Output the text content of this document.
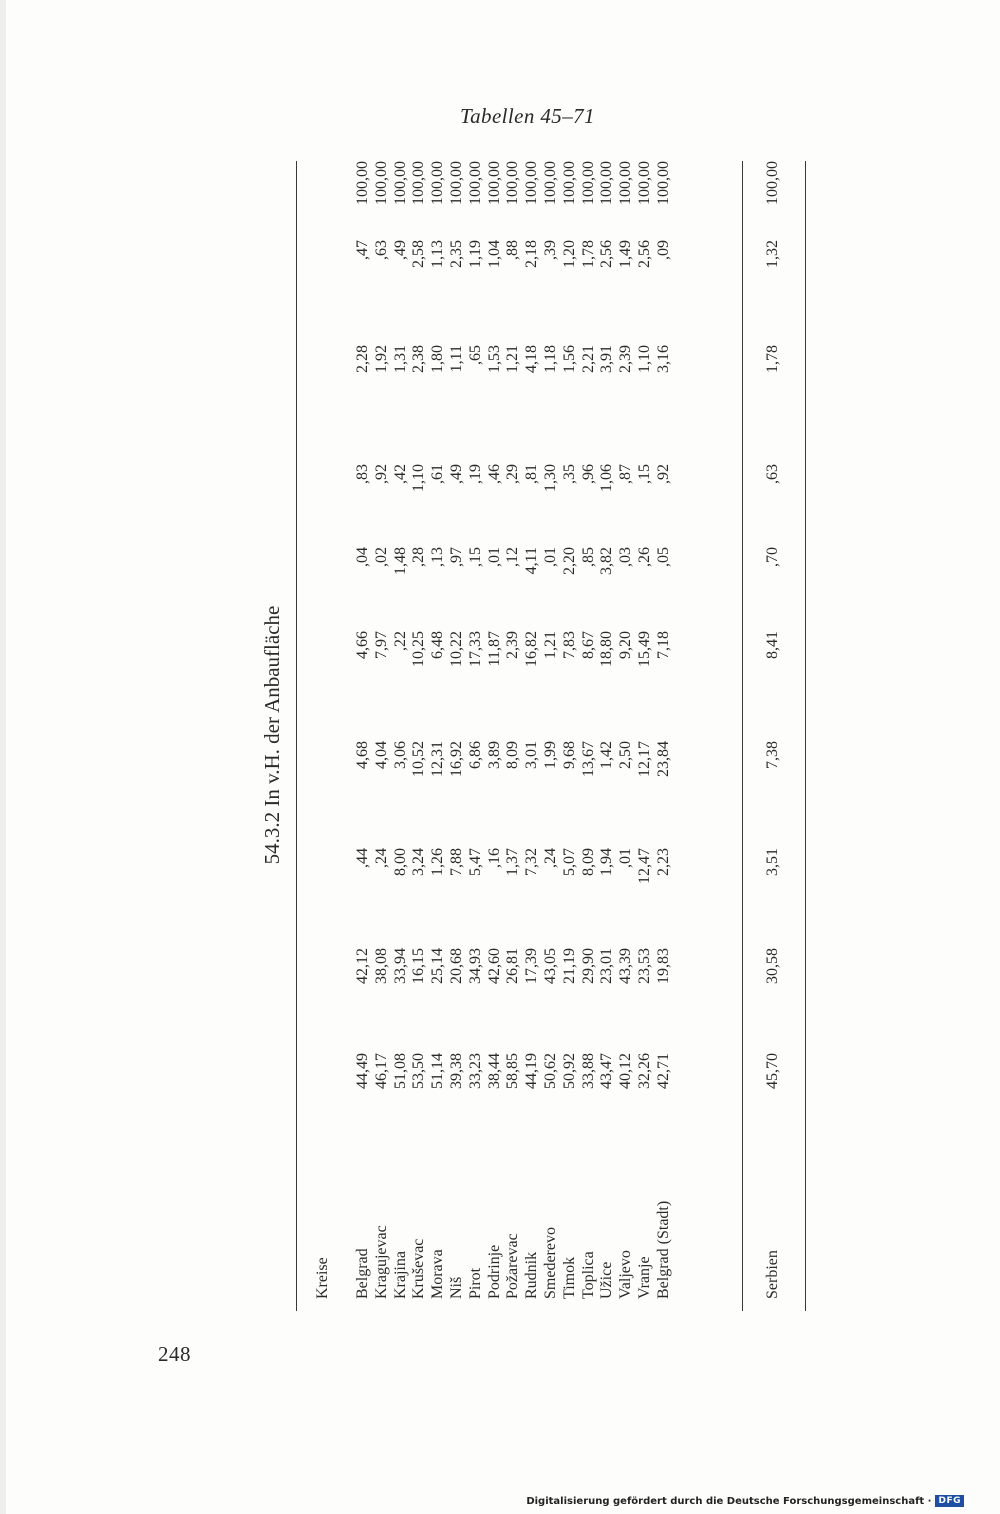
Tabellen 45–71
248
54.3.2 In v.H. der Anbaufläche
Kreise Belgrad
44,49
42,12
,44
4,68
4,66
,04
,83
2,28
,47
100,00
Kragujevac
46,17
38,08
,24
4,04
7,97
,02
,92
1,92
,63
100,00
Krajina
51,08
33,94
8,00
3,06
,22
1,48
,42
1,31
,49
100,00
Kruševac
53,50
16,15
3,24
10,52
10,25
,28
1,10
2,38
2,58
100,00
Morava
51,14
25,14
1,26
12,31
6,48
,13
,61
1,80
1,13
100,00
Niš
39,38
20,68
7,88
16,92
10,22
,97
,49
1,11
2,35
100,00
Pirot
33,23
34,93
5,47
6,86
17,33
,15
,19
,65
1,19
100,00
Podrinje
38,44
42,60
,16
3,89
11,87
,01
,46
1,53
1,04
100,00
Požarevac
58,85
26,81
1,37
8,09
2,39
,12
,29
1,21
,88
100,00
Rudnik
44,19
17,39
7,32
3,01
16,82
4,11
,81
4,18
2,18
100,00
Smederevo
50,62
43,05
,24
1,99
1,21
,01
1,30
1,18
,39
100,00
Timok
50,92
21,19
5,07
9,68
7,83
2,20
,35
1,56
1,20
100,00
Toplica
33,88
29,90
8,09
13,67
8,67
,85
,96
2,21
1,78
100,00
Užice
43,47
23,01
1,94
1,42
18,80
3,82
1,06
3,91
2,56
100,00
Valjevo
40,12
43,39
,01
2,50
9,20
,03
,87
2,39
1,49
100,00
Vranje
32,26
23,53
12,47
12,17
15,49
,26
,15
1,10
2,56
100,00
Belgrad (Stadt)
42,71
19,83
2,23
23,84
7,18
,05
,92
3,16
,09
100,00
Serbien
45,70
30,58
3,51
7,38
8,41
,70
,63
1,78
1,32
100,00
Digitalisierung gefördert durch die Deutsche Forschungsgemeinschaft · DFG
